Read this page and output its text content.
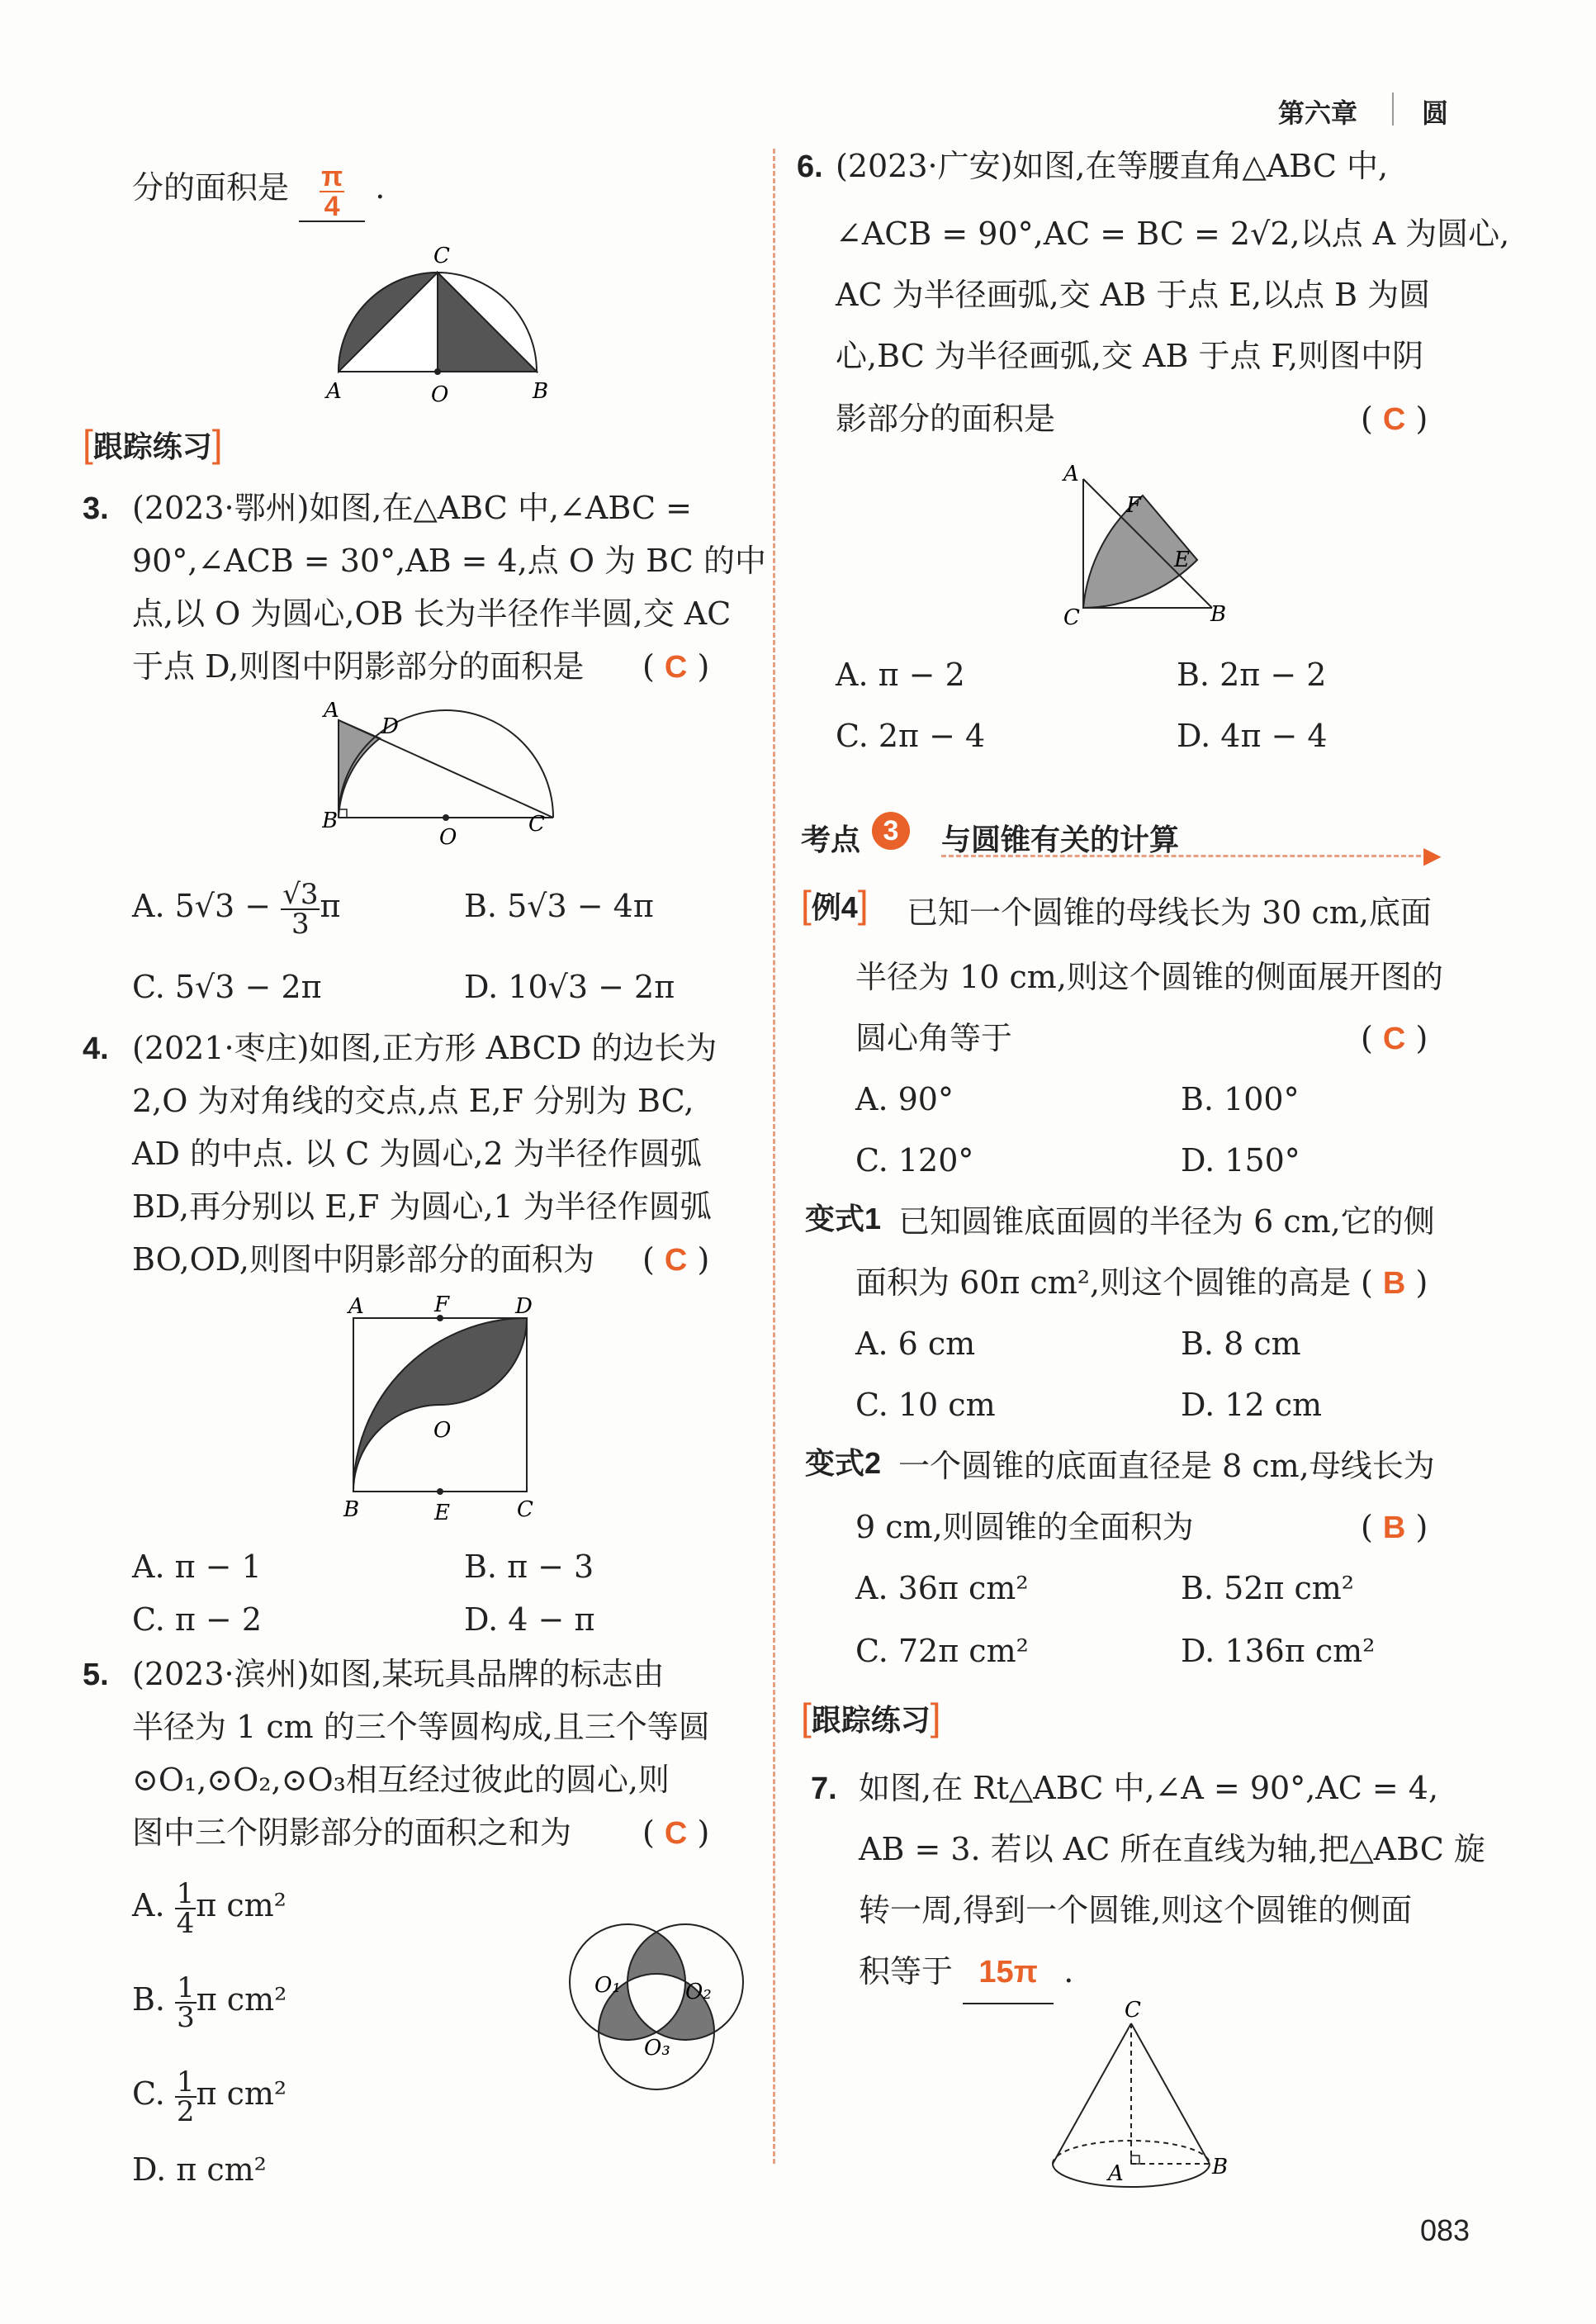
第六章 圆
分的面积是 $\frac{\pi}{4}$ .
C
A	O	B
[跟踪练习]
3. (2023·鄂州)如图,在△ABC 中,∠ABC =
90°,∠ACB = 30°,AB = 4,点 O 为 BC 的中
点,以 O 为圆心,OB 长为半径作半圆,交 AC
于点 D,则图中阴影部分的面积是 ( C )
A
D
B
O
C
A. $5√3 - \frac{√3}{3}$ π	B. 5√3 − 4π
C. 5√3 − 2π	D. 10√3 − 2π
4. (2021·枣庄)如图,正方形 ABCD 的边长为
2,O 为对角线的交点,点 E,F 分别为 BC,
AD 的中点. 以 C 为圆心,2 为半径作圆弧
BD,再分别以 E,F 为圆心,1 为半径作圆弧
BO,OD,则图中阴影部分的面积为 ( C )
A	F	D
O
B	E	C
A. π − 1	B. π − 3
C. π − 2	D. 4 − π
5. (2023·滨州)如图,某玩具品牌的标志由
半径为 1 cm 的三个等圆构成,且三个等圆
⊙O₁,⊙O₂,⊙O₃相互经过彼此的圆心,则
图中三个阴影部分的面积之和为 ( C )
A. $\frac{1}{4}$ π cm²
B. $\frac{1}{3}$ π cm²
C. $\frac{1}{2}$ π cm²
D. π cm²
O₁	O₂
O₃
6. (2023·广安)如图,在等腰直角△ABC 中,
∠ACB = 90°,AC = BC = 2√2,以点 A 为圆心,
AC 为半径画弧,交 AB 于点 E,以点 B 为圆
心,BC 为半径画弧,交 AB 于点 F,则图中阴
影部分的面积是	( C )
A
F
E
C	B
A. π − 2	B. 2π − 2
C. 2π − 4	D. 4π − 4
考点 3	与圆锥有关的计算	▶
[例4] 已知一个圆锥的母线长为 30 cm,底面
半径为 10 cm,则这个圆锥的侧面展开图的
圆心角等于	( C )
A. 90°	B. 100°
C. 120°	D. 150°
变式1 已知圆锥底面圆的半径为 6 cm,它的侧
面积为 60π cm²,则这个圆锥的高是 ( B )
A. 6 cm	B. 8 cm
C. 10 cm	D. 12 cm
变式2 一个圆锥的底面直径是 8 cm,母线长为
9 cm,则圆锥的全面积为	( B )
A. 36π cm²	B. 52π cm²
C. 72π cm²	D. 136π cm²
[跟踪练习]
7. 如图,在 Rt△ABC 中,∠A = 90°,AC = 4,
AB = 3. 若以 AC 所在直线为轴,把△ABC 旋
转一周,得到一个圆锥,则这个圆锥的侧面
积等于 15π .
C
A	B
083
